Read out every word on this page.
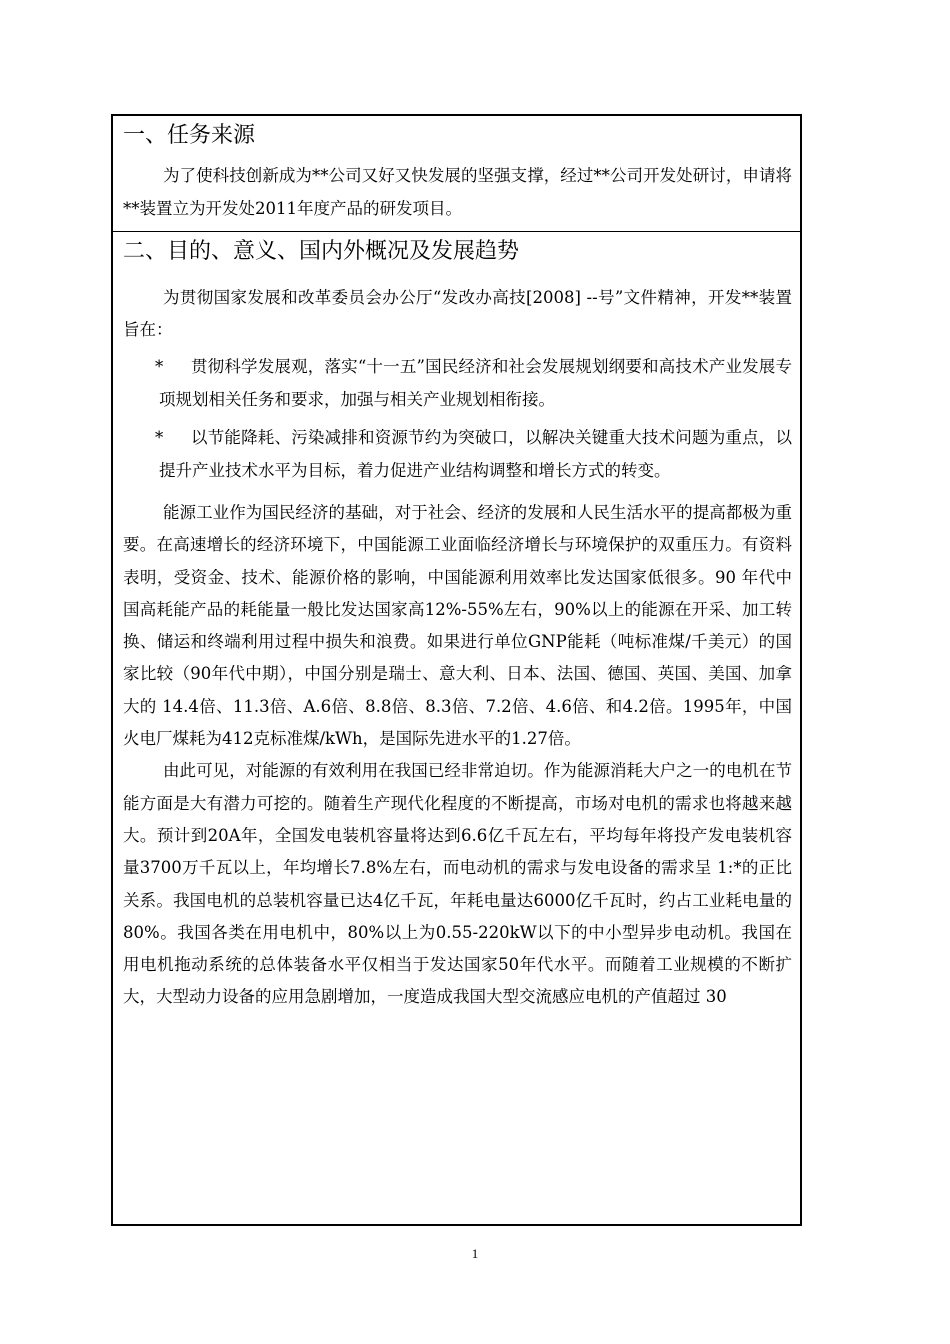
一、任务来源
为了使科技创新成为**公司又好又快发展的坚强支撑，经过**公司开发处研讨，申请将**装置立为开发处2011年度产品的研发项目。
二、目的、意义、国内外概况及发展趋势
为贯彻国家发展和改革委员会办公厅“发改办高技[2008] --号”文件精神，开发**装置旨在：
*	贯彻科学发展观，落实“十一五”国民经济和社会发展规划纲要和高技术产业发展专项规划相关任务和要求，加强与相关产业规划相衔接。
*	以节能降耗、污染减排和资源节约为突破口，以解决关键重大技术问题为重点，以提升产业技术水平为目标，着力促进产业结构调整和增长方式的转变。
能源工业作为国民经济的基础，对于社会、经济的发展和人民生活水平的提高都极为重要。在高速增长的经济环境下，中国能源工业面临经济增长与环境保护的双重压力。有资料表明，受资金、技术、能源价格的影响，中国能源利用效率比发达国家低很多。90 年代中国高耗能产品的耗能量一般比发达国家高12%-55%左右，90%以上的能源在开采、加工转换、储运和终端利用过程中损失和浪费。如果进行单位GNP能耗（吨标准煤/千美元）的国家比较（90年代中期），中国分别是瑞士、意大利、日本、法国、德国、英国、美国、加拿大的 14.4倍、11.3倍、A.6倍、8.8倍、8.3倍、7.2倍、4.6倍、和4.2倍。1995年，中国火电厂煤耗为412克标准煤/kWh，是国际先进水平的1.27倍。
由此可见，对能源的有效利用在我国已经非常迫切。作为能源消耗大户之一的电机在节能方面是大有潜力可挖的。随着生产现代化程度的不断提高，市场对电机的需求也将越来越大。预计到20A年，全国发电装机容量将达到6.6亿千瓦左右，平均每年将投产发电装机容量3700万千瓦以上，年均增长7.8%左右，而电动机的需求与发电设备的需求呈 1:*的正比关系。我国电机的总装机容量已达4亿千瓦，年耗电量达6000亿千瓦时，约占工业耗电量的80%。我国各类在用电机中，80%以上为0.55-220kW以下的中小型异步电动机。我国在用电机拖动系统的总体装备水平仅相当于发达国家50年代水平。而随着工业规模的不断扩大，大型动力设备的应用急剧增加，一度造成我国大型交流感应电机的产值超过 30
1
